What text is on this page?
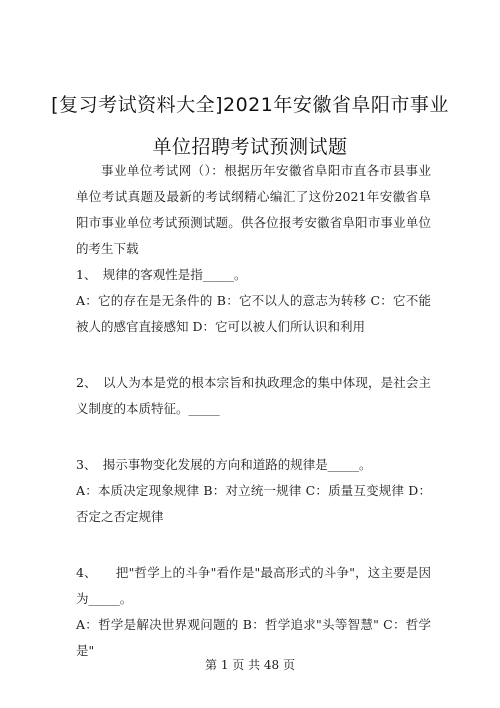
[复习考试资料大全]2021年安徽省阜阳市事业
单位招聘考试预测试题

事业单位考试网（）：根据历年安徽省阜阳市直各市县事业单位考试真题及最新的考试纲精心编汇了这份2021年安徽省阜阳市事业单位考试预测试题。供各位报考安徽省阜阳市事业单位的考生下载

1、　规律的客观性是指_____。

A：它的存在是无条件的 B：它不以人的意志为转移 C：它不能被人的感官直接感知 D：它可以被人们所认识和利用

2、　以人为本是党的根本宗旨和执政理念的集中体现，是社会主义制度的本质特征。_____

3、　揭示事物变化发展的方向和道路的规律是_____。

A：本质决定现象规律 B：对立统一规律 C：质量互变规律 D：否定之否定规律

4、　　把"哲学上的斗争"看作是"最高形式的斗争"，这主要是因为_____。

A：哲学是解决世界观问题的 B：哲学追求"头等智慧" C：哲学是"

第 1 页 共 48 页
